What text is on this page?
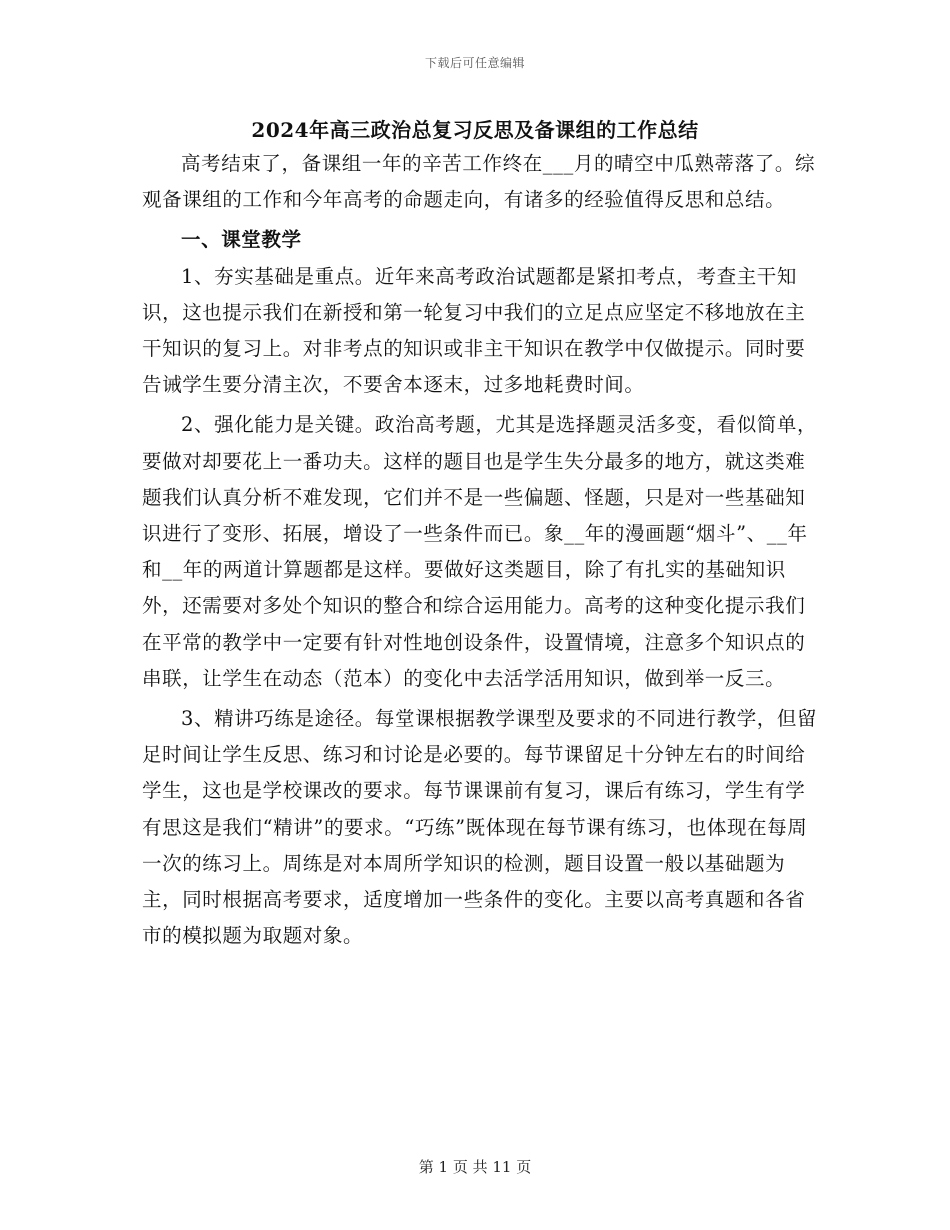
下载后可任意编辑
2024年高三政治总复习反思及备课组的工作总结

高考结束了，备课组一年的辛苦工作终在___月的晴空中瓜熟蒂落了。综观备课组的工作和今年高考的命题走向，有诸多的经验值得反思和总结。

一、课堂教学

1、夯实基础是重点。近年来高考政治试题都是紧扣考点，考查主干知识，这也提示我们在新授和第一轮复习中我们的立足点应坚定不移地放在主干知识的复习上。对非考点的知识或非主干知识在教学中仅做提示。同时要告诫学生要分清主次，不要舍本逐末，过多地耗费时间。

2、强化能力是关键。政治高考题，尤其是选择题灵活多变，看似简单，要做对却要花上一番功夫。这样的题目也是学生失分最多的地方，就这类难题我们认真分析不难发现，它们并不是一些偏题、怪题，只是对一些基础知识进行了变形、拓展，增设了一些条件而已。象__年的漫画题“烟斗”、__年和__年的两道计算题都是这样。要做好这类题目，除了有扎实的基础知识外，还需要对多处个知识的整合和综合运用能力。高考的这种变化提示我们在平常的教学中一定要有针对性地创设条件，设置情境，注意多个知识点的串联，让学生在动态（范本）的变化中去活学活用知识，做到举一反三。

3、精讲巧练是途径。每堂课根据教学课型及要求的不同进行教学，但留足时间让学生反思、练习和讨论是必要的。每节课留足十分钟左右的时间给学生，这也是学校课改的要求。每节课课前有复习，课后有练习，学生有学有思这是我们“精讲”的要求。“巧练”既体现在每节课有练习，也体现在每周一次的练习上。周练是对本周所学知识的检测，题目设置一般以基础题为主，同时根据高考要求，适度增加一些条件的变化。主要以高考真题和各省市的模拟题为取题对象。

第 1 页 共 11 页
